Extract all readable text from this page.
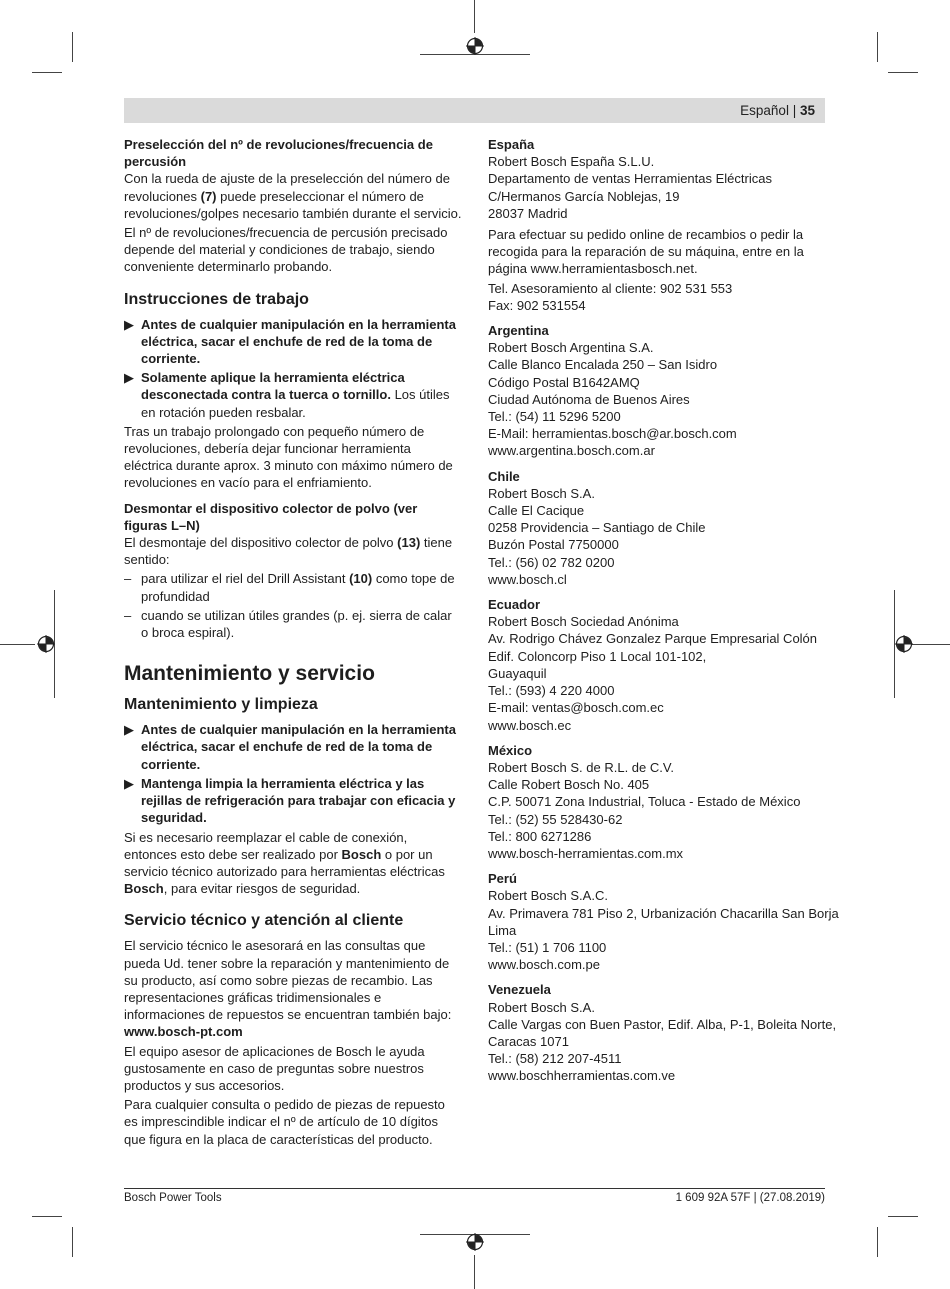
Español | 35

Preselección del nº de revoluciones/frecuencia de percusión

Con la rueda de ajuste de la preselección del número de revoluciones (7) puede preseleccionar el número de revoluciones/golpes necesario también durante el servicio.

El nº de revoluciones/frecuencia de percusión precisado depende del material y condiciones de trabajo, siendo conveniente determinarlo probando.

Instrucciones de trabajo
▶ Antes de cualquier manipulación en la herramienta eléctrica, sacar el enchufe de red de la toma de corriente.
▶ Solamente aplique la herramienta eléctrica desconectada contra la tuerca o tornillo. Los útiles en rotación pueden resbalar.

Tras un trabajo prolongado con pequeño número de revoluciones, debería dejar funcionar herramienta eléctrica durante aprox. 3 minuto con máximo número de revoluciones en vacío para el enfriamiento.

Desmontar el dispositivo colector de polvo (ver figuras L–N)

El desmontaje del dispositivo colector de polvo (13) tiene sentido:

– para utilizar el riel del Drill Assistant (10) como tope de profundidad
– cuando se utilizan útiles grandes (p. ej. sierra de calar o broca espiral).
Mantenimiento y servicio
Mantenimiento y limpieza
▶ Antes de cualquier manipulación en la herramienta eléctrica, sacar el enchufe de red de la toma de corriente.
▶ Mantenga limpia la herramienta eléctrica y las rejillas de refrigeración para trabajar con eficacia y seguridad.

Si es necesario reemplazar el cable de conexión, entonces esto debe ser realizado por Bosch o por un servicio técnico autorizado para herramientas eléctricas Bosch, para evitar riesgos de seguridad.

Servicio técnico y atención al cliente

El servicio técnico le asesorará en las consultas que pueda Ud. tener sobre la reparación y mantenimiento de su producto, así como sobre piezas de recambio. Las representaciones gráficas tridimensionales e informaciones de repuestos se encuentran también bajo: www.bosch-pt.com

El equipo asesor de aplicaciones de Bosch le ayuda gustosamente en caso de preguntas sobre nuestros productos y sus accesorios.

Para cualquier consulta o pedido de piezas de repuesto es imprescindible indicar el nº de artículo de 10 dígitos que figura en la placa de características del producto.

España

Robert Bosch España S.L.U.
Departamento de ventas Herramientas Eléctricas
C/Hermanos García Noblejas, 19
28037 Madrid

Para efectuar su pedido online de recambios o pedir la recogida para la reparación de su máquina, entre en la página www.herramientasbosch.net.

Tel. Asesoramiento al cliente: 902 531 553
Fax: 902 531554

Argentina

Robert Bosch Argentina S.A.
Calle Blanco Encalada 250 – San Isidro
Código Postal B1642AMQ
Ciudad Autónoma de Buenos Aires
Tel.: (54) 11 5296 5200
E-Mail: herramientas.bosch@ar.bosch.com
www.argentina.bosch.com.ar

Chile

Robert Bosch S.A.
Calle El Cacique
0258 Providencia – Santiago de Chile
Buzón Postal 7750000
Tel.: (56) 02 782 0200
www.bosch.cl

Ecuador

Robert Bosch Sociedad Anónima
Av. Rodrigo Chávez Gonzalez Parque Empresarial Colón
Edif. Coloncorp Piso 1 Local 101-102,
Guayaquil
Tel.: (593) 4 220 4000
E-mail: ventas@bosch.com.ec
www.bosch.ec

México

Robert Bosch S. de R.L. de C.V.
Calle Robert Bosch No. 405
C.P. 50071 Zona Industrial, Toluca - Estado de México
Tel.: (52) 55 528430-62
Tel.: 800 6271286
www.bosch-herramientas.com.mx

Perú

Robert Bosch S.A.C.
Av. Primavera 781 Piso 2, Urbanización Chacarilla San Borja
Lima
Tel.: (51) 1 706 1100
www.bosch.com.pe

Venezuela

Robert Bosch S.A.
Calle Vargas con Buen Pastor, Edif. Alba, P-1, Boleita Norte,
Caracas 1071
Tel.: (58) 212 207-4511
www.boschherramientas.com.ve
Bosch Power Tools	1 609 92A 57F | (27.08.2019)
